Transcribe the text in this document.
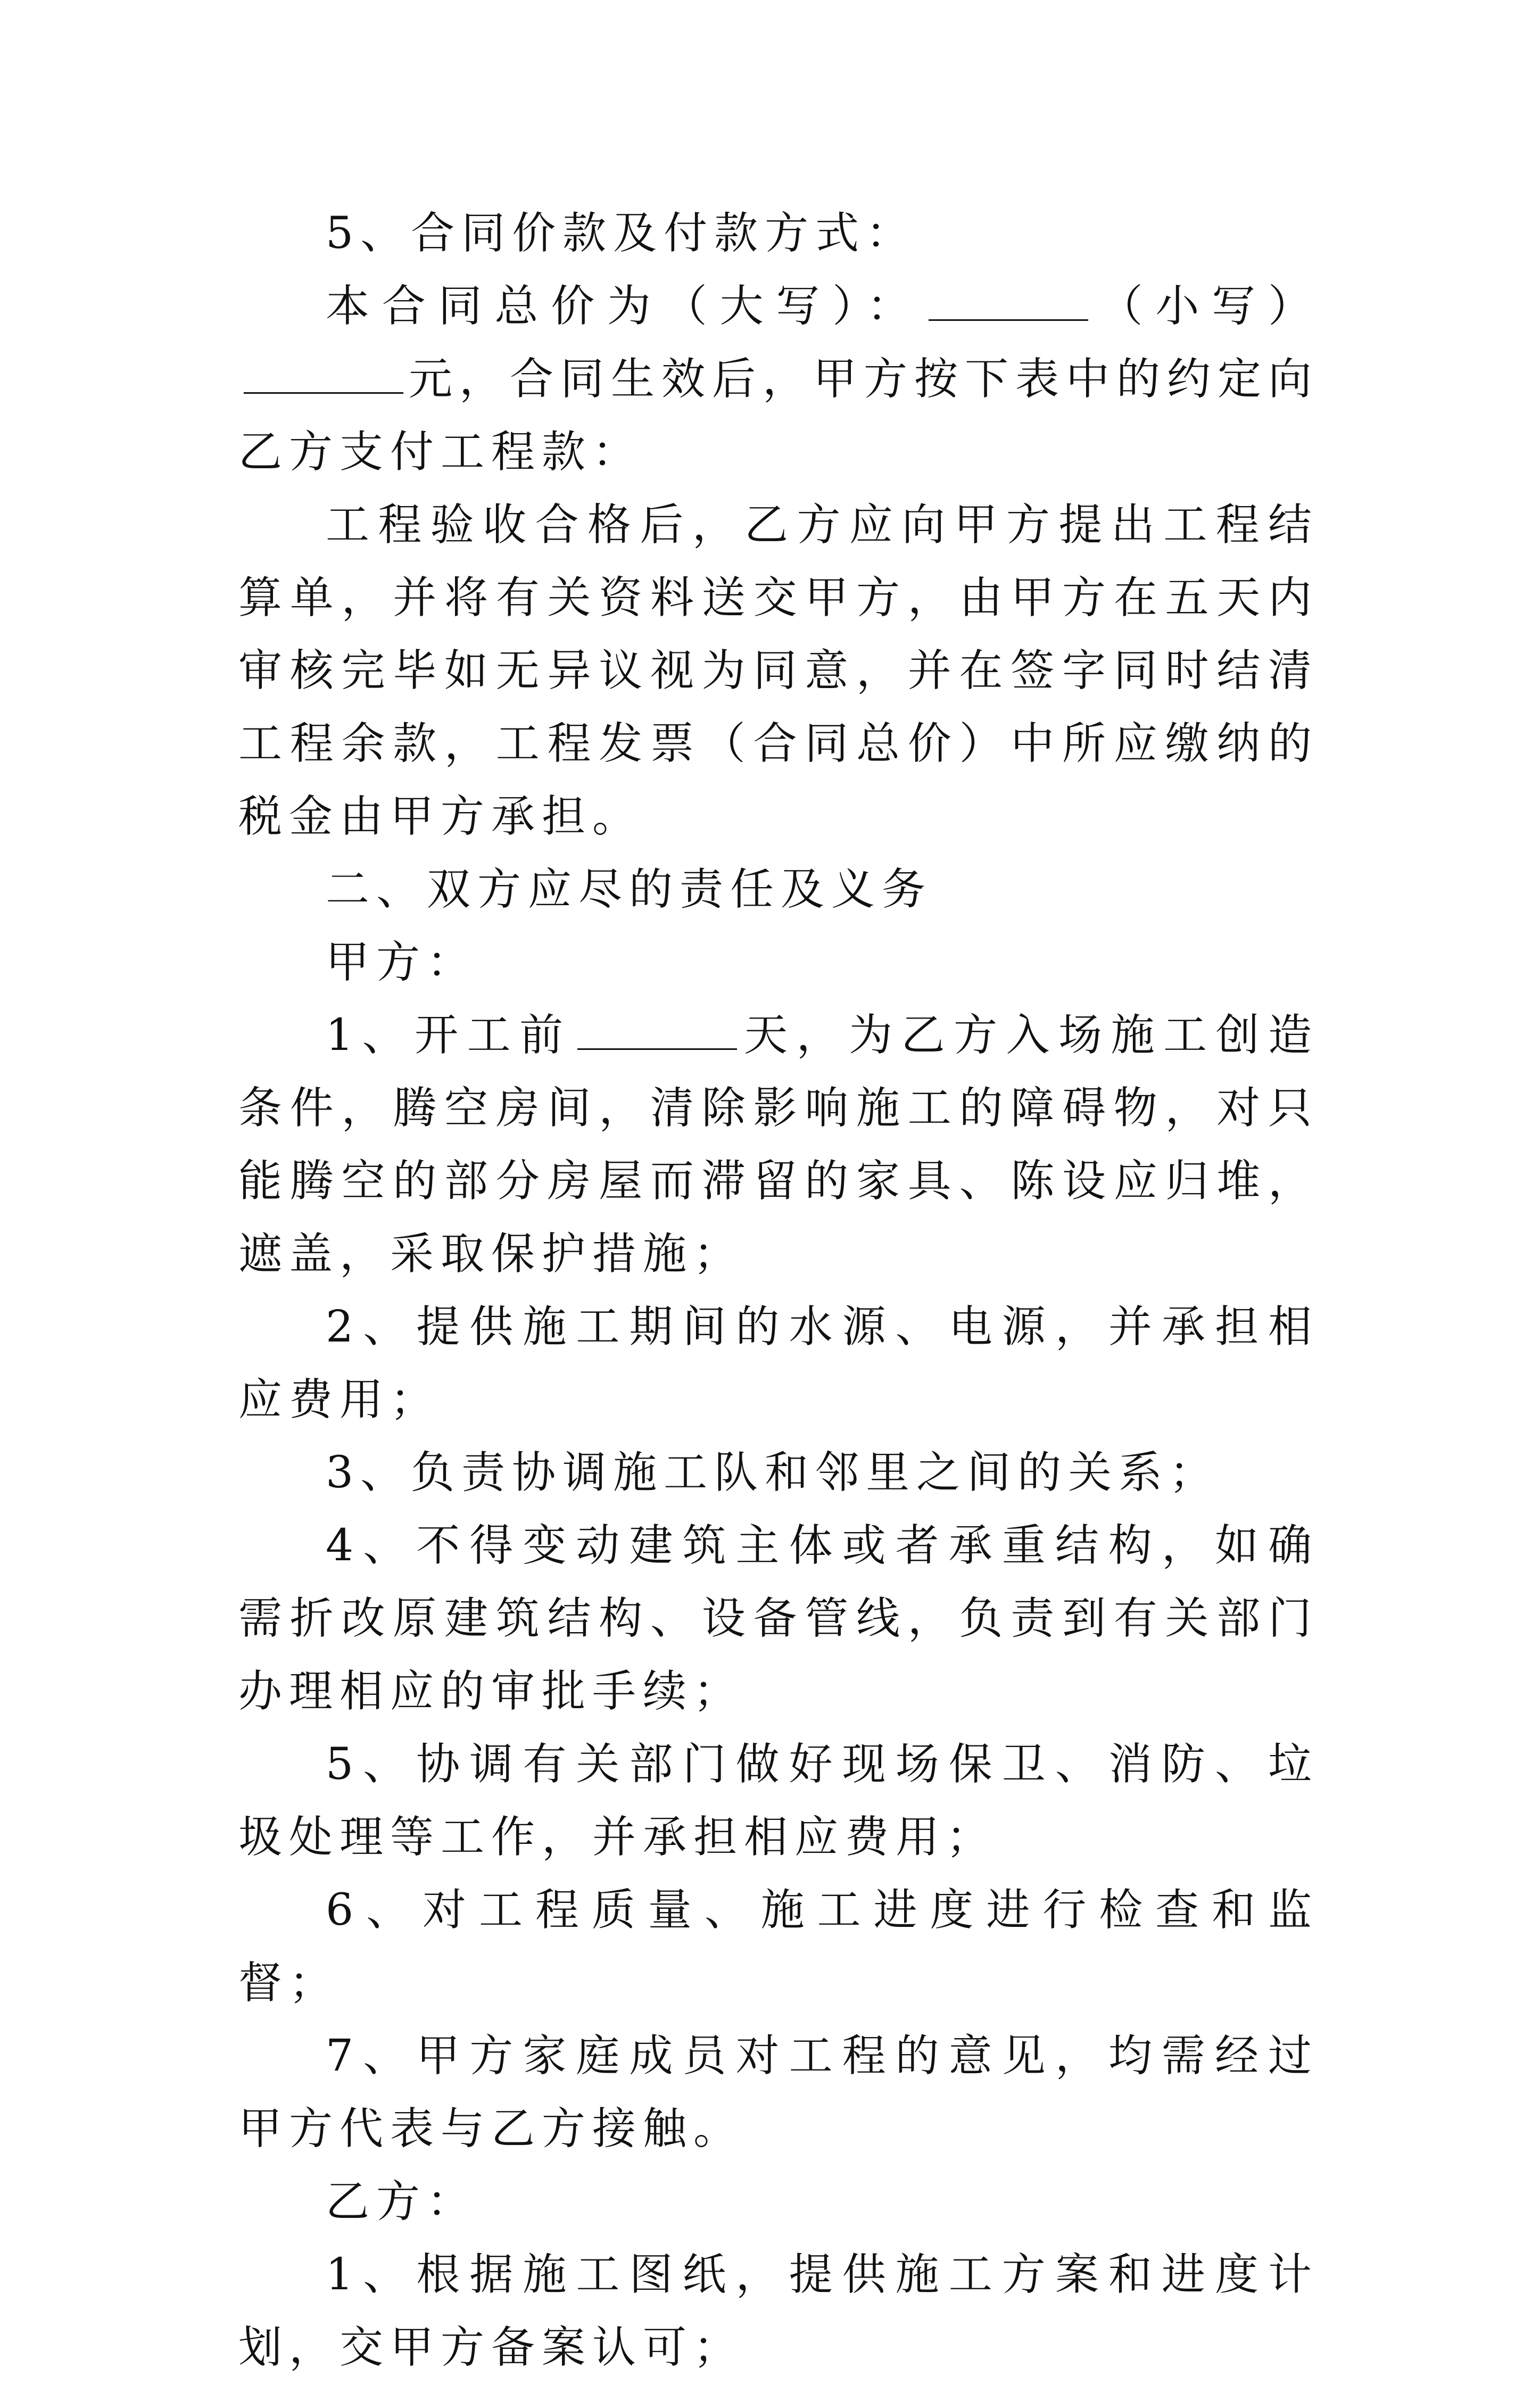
5、合同价款及付款方式：

本合同总价为（大写）：	（小写）元，合同生效后，甲方按下表中的约定向乙方支付工程款：

工程验收合格后，乙方应向甲方提出工程结算单，并将有关资料送交甲方，由甲方在五天内审核完毕如无异议视为同意，并在签字同时结清工程余款，工程发票（合同总价）中所应缴纳的税金由甲方承担。

二、双方应尽的责任及义务

甲方：

1、开工前	天，为乙方入场施工创造条件，腾空房间，清除影响施工的障碍物，对只能腾空的部分房屋而滞留的家具、陈设应归堆，遮盖，采取保护措施；

2、提供施工期间的水源、电源，并承担相应费用；

3、负责协调施工队和邻里之间的关系；

4、不得变动建筑主体或者承重结构，如确需折改原建筑结构、设备管线，负责到有关部门办理相应的审批手续；

5、协调有关部门做好现场保卫、消防、垃圾处理等工作，并承担相应费用；

6、对工程质量、施工进度进行检查和监督；

7、甲方家庭成员对工程的意见，均需经过甲方代表与乙方接触。

乙方：

1、根据施工图纸，提供施工方案和进度计划，交甲方备案认可；
